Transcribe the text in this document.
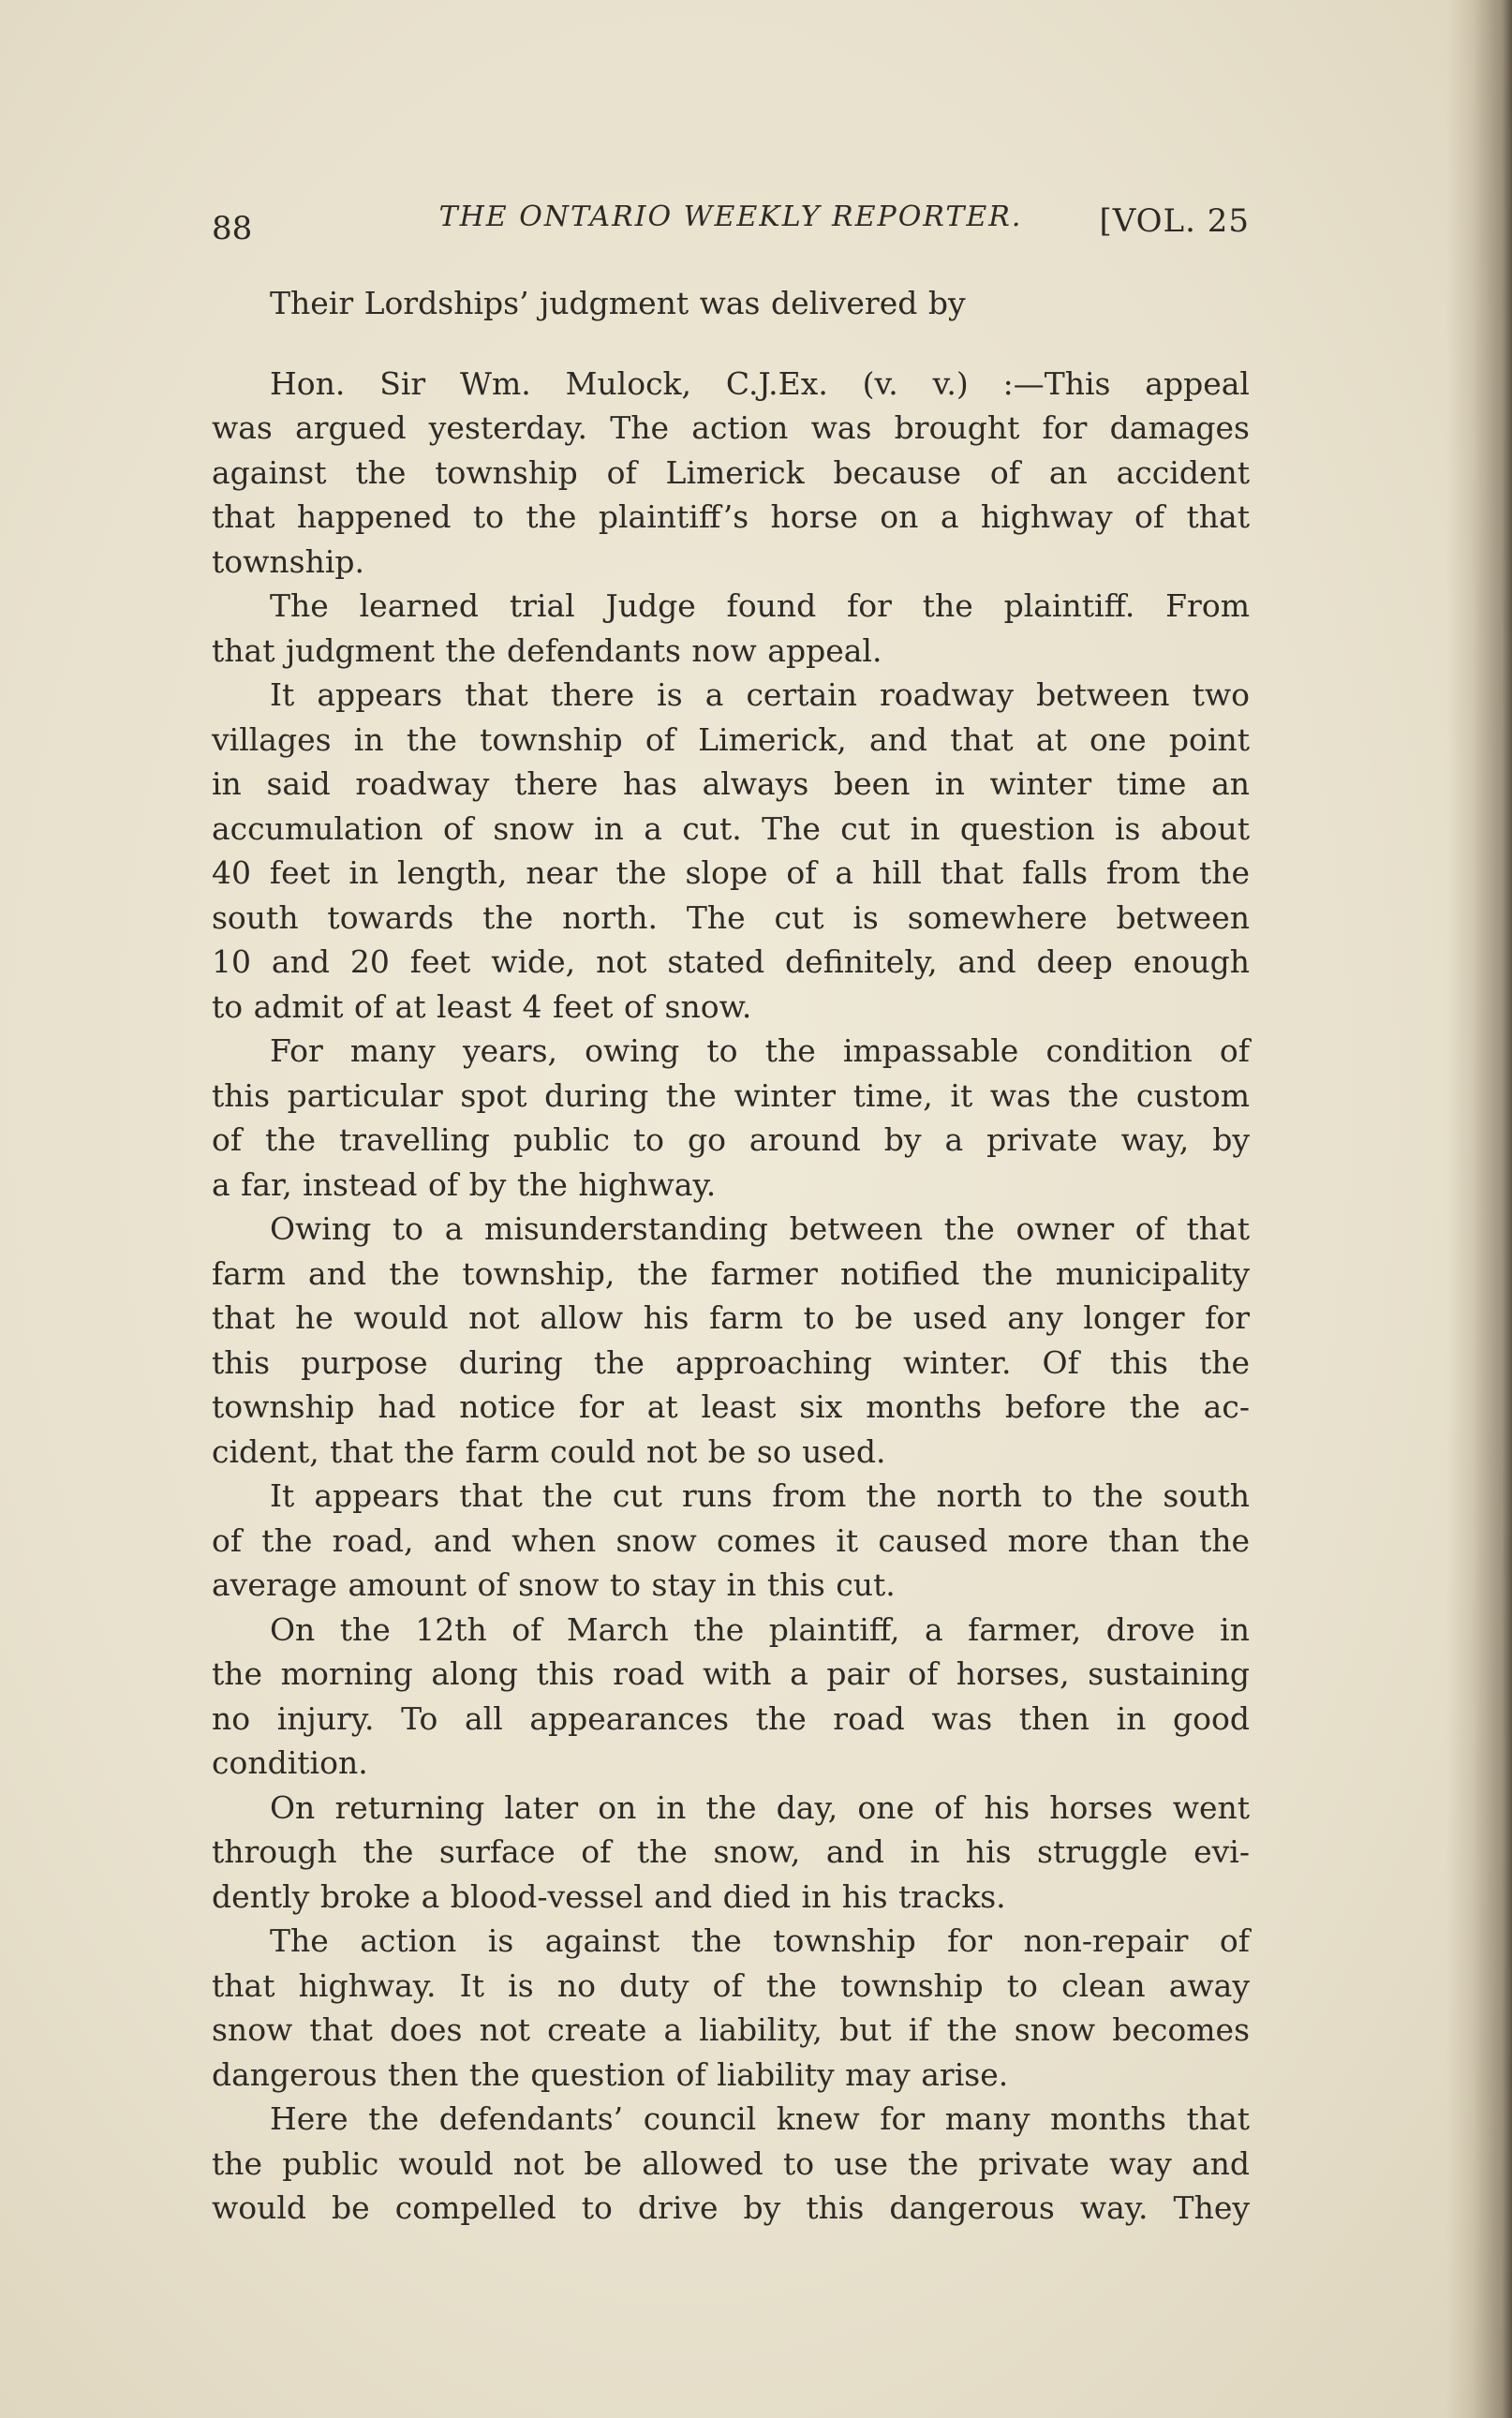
88	THE ONTARIO WEEKLY REPORTER.	[VOL. 25
Their Lordships’ judgment was delivered by
Hon. Sir Wm. Mulock, C.J.Ex. (v. v.) :—This appeal
was argued yesterday. The action was brought for damages
against the township of Limerick because of an accident
that happened to the plaintiff’s horse on a highway of that
township.
The learned trial Judge found for the plaintiff. From
that judgment the defendants now appeal.
It appears that there is a certain roadway between two
villages in the township of Limerick, and that at one point
in said roadway there has always been in winter time an
accumulation of snow in a cut. The cut in question is about
40 feet in length, near the slope of a hill that falls from the
south towards the north. The cut is somewhere between
10 and 20 feet wide, not stated definitely, and deep enough
to admit of at least 4 feet of snow.
For many years, owing to the impassable condition of
this particular spot during the winter time, it was the custom
of the travelling public to go around by a private way, by
a far, instead of by the highway.
Owing to a misunderstanding between the owner of that
farm and the township, the farmer notified the municipality
that he would not allow his farm to be used any longer for
this purpose during the approaching winter. Of this the
township had notice for at least six months before the ac-
cident, that the farm could not be so used.
It appears that the cut runs from the north to the south
of the road, and when snow comes it caused more than the
average amount of snow to stay in this cut.
On the 12th of March the plaintiff, a farmer, drove in
the morning along this road with a pair of horses, sustaining
no injury. To all appearances the road was then in good
condition.
On returning later on in the day, one of his horses went
through the surface of the snow, and in his struggle evi-
dently broke a blood-vessel and died in his tracks.
The action is against the township for non-repair of
that highway. It is no duty of the township to clean away
snow that does not create a liability, but if the snow becomes
dangerous then the question of liability may arise.
Here the defendants’ council knew for many months that
the public would not be allowed to use the private way and
would be compelled to drive by this dangerous way. They
